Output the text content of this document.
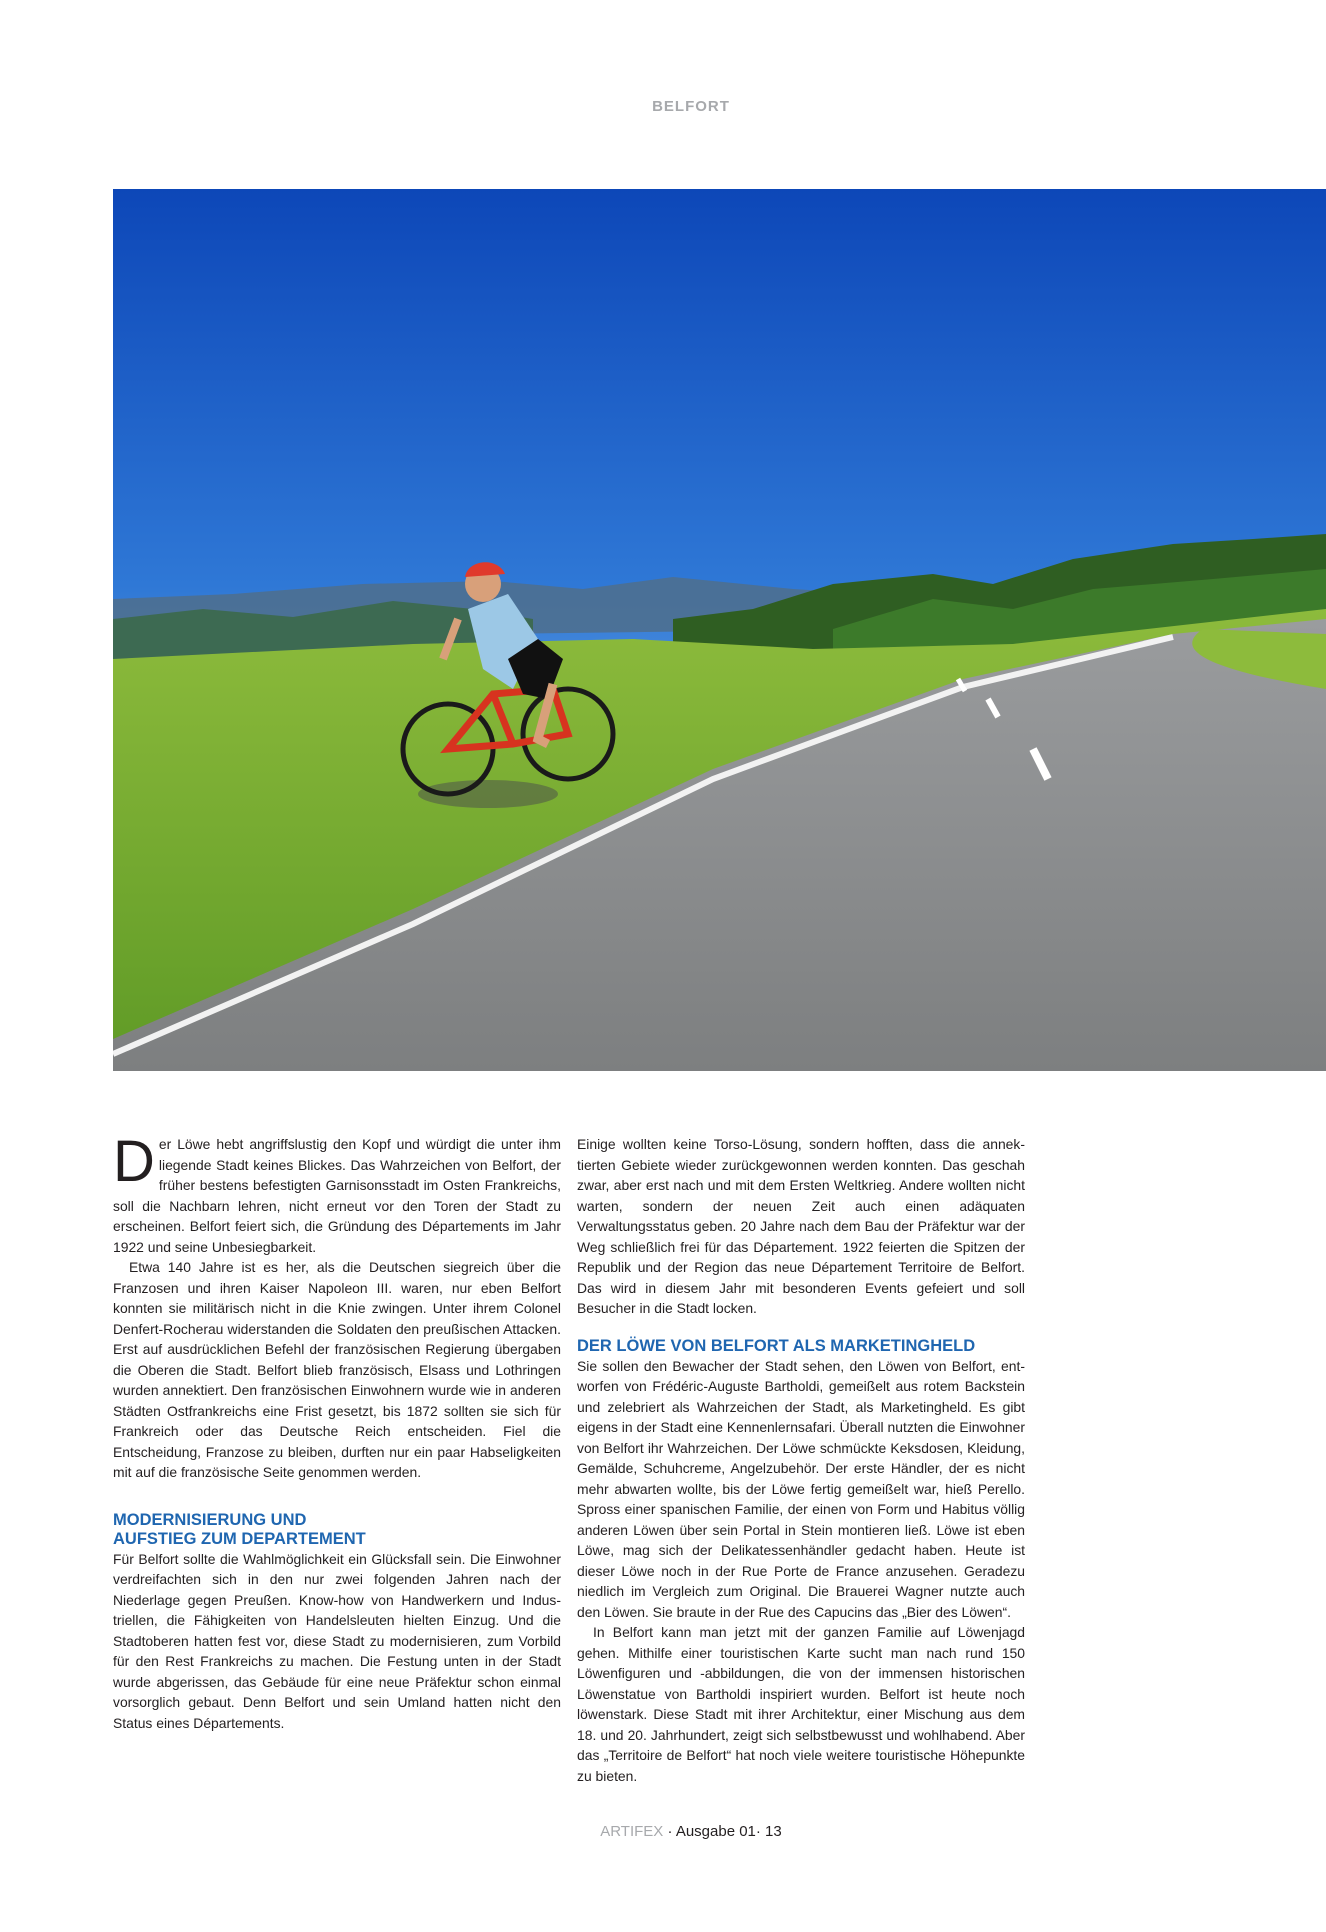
BELFORT

Der Löwe hebt angriffslustig den Kopf und würdigt die unter ihm liegende Stadt keines Blickes. Das Wahrzeichen von Belfort, der früher bestens befestigten Garnisonsstadt im Osten Frankreichs, soll die Nachbarn lehren, nicht erneut vor den Toren der Stadt zu erscheinen. Belfort feiert sich, die Gründung des Départements im Jahr 1922 und seine Unbesiegbarkeit.

Etwa 140 Jahre ist es her, als die Deutschen siegreich über die Franzosen und ihren Kaiser Napoleon III. waren, nur eben Belfort konnten sie militärisch nicht in die Knie zwingen. Unter ihrem Colonel Denfert-Rocherau widerstanden die Soldaten den preußischen Attacken. Erst auf ausdrücklichen Befehl der französischen Regierung übergaben die Oberen die Stadt. Belfort blieb französisch, Elsass und Lothringen wurden annektiert. Den französischen Einwohnern wurde wie in anderen Städten Ostfrankreichs eine Frist gesetzt, bis 1872 sollten sie sich für Frankreich oder das Deutsche Reich entscheiden. Fiel die Entscheidung, Franzose zu bleiben, durften nur ein paar Habseligkeiten mit auf die französische Seite genommen werden.

MODERNISIERUNG UND
AUFSTIEG ZUM DEPARTEMENT

Für Belfort sollte die Wahlmöglichkeit ein Glücksfall sein. Die Einwohner verdreifachten sich in den nur zwei folgenden Jahren nach der Niederlage gegen Preußen. Know-how von Handwerkern und Industriellen, die Fähigkeiten von Handelsleuten hielten Einzug. Und die Stadtoberen hatten fest vor, diese Stadt zu modernisieren, zum Vorbild für den Rest Frankreichs zu machen. Die Festung unten in der Stadt wurde abgerissen, das Gebäude für eine neue Präfektur schon einmal vorsorglich gebaut. Denn Belfort und sein Umland hatten nicht den Status eines Départements.

Einige wollten keine Torso-Lösung, sondern hofften, dass die annektierten Gebiete wieder zurückgewonnen werden konnten. Das geschah zwar, aber erst nach und mit dem Ersten Weltkrieg. Andere wollten nicht warten, sondern der neuen Zeit auch einen adäquaten Verwaltungsstatus geben. 20 Jahre nach dem Bau der Präfektur war der Weg schließlich frei für das Département. 1922 feierten die Spitzen der Republik und der Region das neue Département Territoire de Belfort. Das wird in diesem Jahr mit besonderen Events gefeiert und soll Besucher in die Stadt locken.

DER LÖWE VON BELFORT ALS MARKETINGHELD

Sie sollen den Bewacher der Stadt sehen, den Löwen von Belfort, entworfen von Frédéric-Auguste Bartholdi, gemeißelt aus rotem Backstein und zelebriert als Wahrzeichen der Stadt, als Marketingheld. Es gibt eigens in der Stadt eine Kennenlernsafari. Überall nutzten die Einwohner von Belfort ihr Wahrzeichen. Der Löwe schmückte Keksdosen, Kleidung, Gemälde, Schuhcreme, Angelzubehör. Der erste Händler, der es nicht mehr abwarten wollte, bis der Löwe fertig gemeißelt war, hieß Perello. Spross einer spanischen Familie, der einen von Form und Habitus völlig anderen Löwen über sein Portal in Stein montieren ließ. Löwe ist eben Löwe, mag sich der Delikatessenhändler gedacht haben. Heute ist dieser Löwe noch in der Rue Porte de France anzusehen. Geradezu niedlich im Vergleich zum Original. Die Brauerei Wagner nutzte auch den Löwen. Sie braute in der Rue des Capucins das „Bier des Löwen“.

In Belfort kann man jetzt mit der ganzen Familie auf Löwenjagd gehen. Mithilfe einer touristischen Karte sucht man nach rund 150 Löwenfiguren und -abbildungen, die von der immensen historischen Löwenstatue von Bartholdi inspiriert wurden. Belfort ist heute noch löwenstark. Diese Stadt mit ihrer Architektur, einer Mischung aus dem 18. und 20. Jahrhundert, zeigt sich selbstbewusst und wohlhabend. Aber das „Territoire de Belfort“ hat noch viele weitere touristische Höhepunkte zu bieten.

ARTIFEX · Ausgabe 01· 13
